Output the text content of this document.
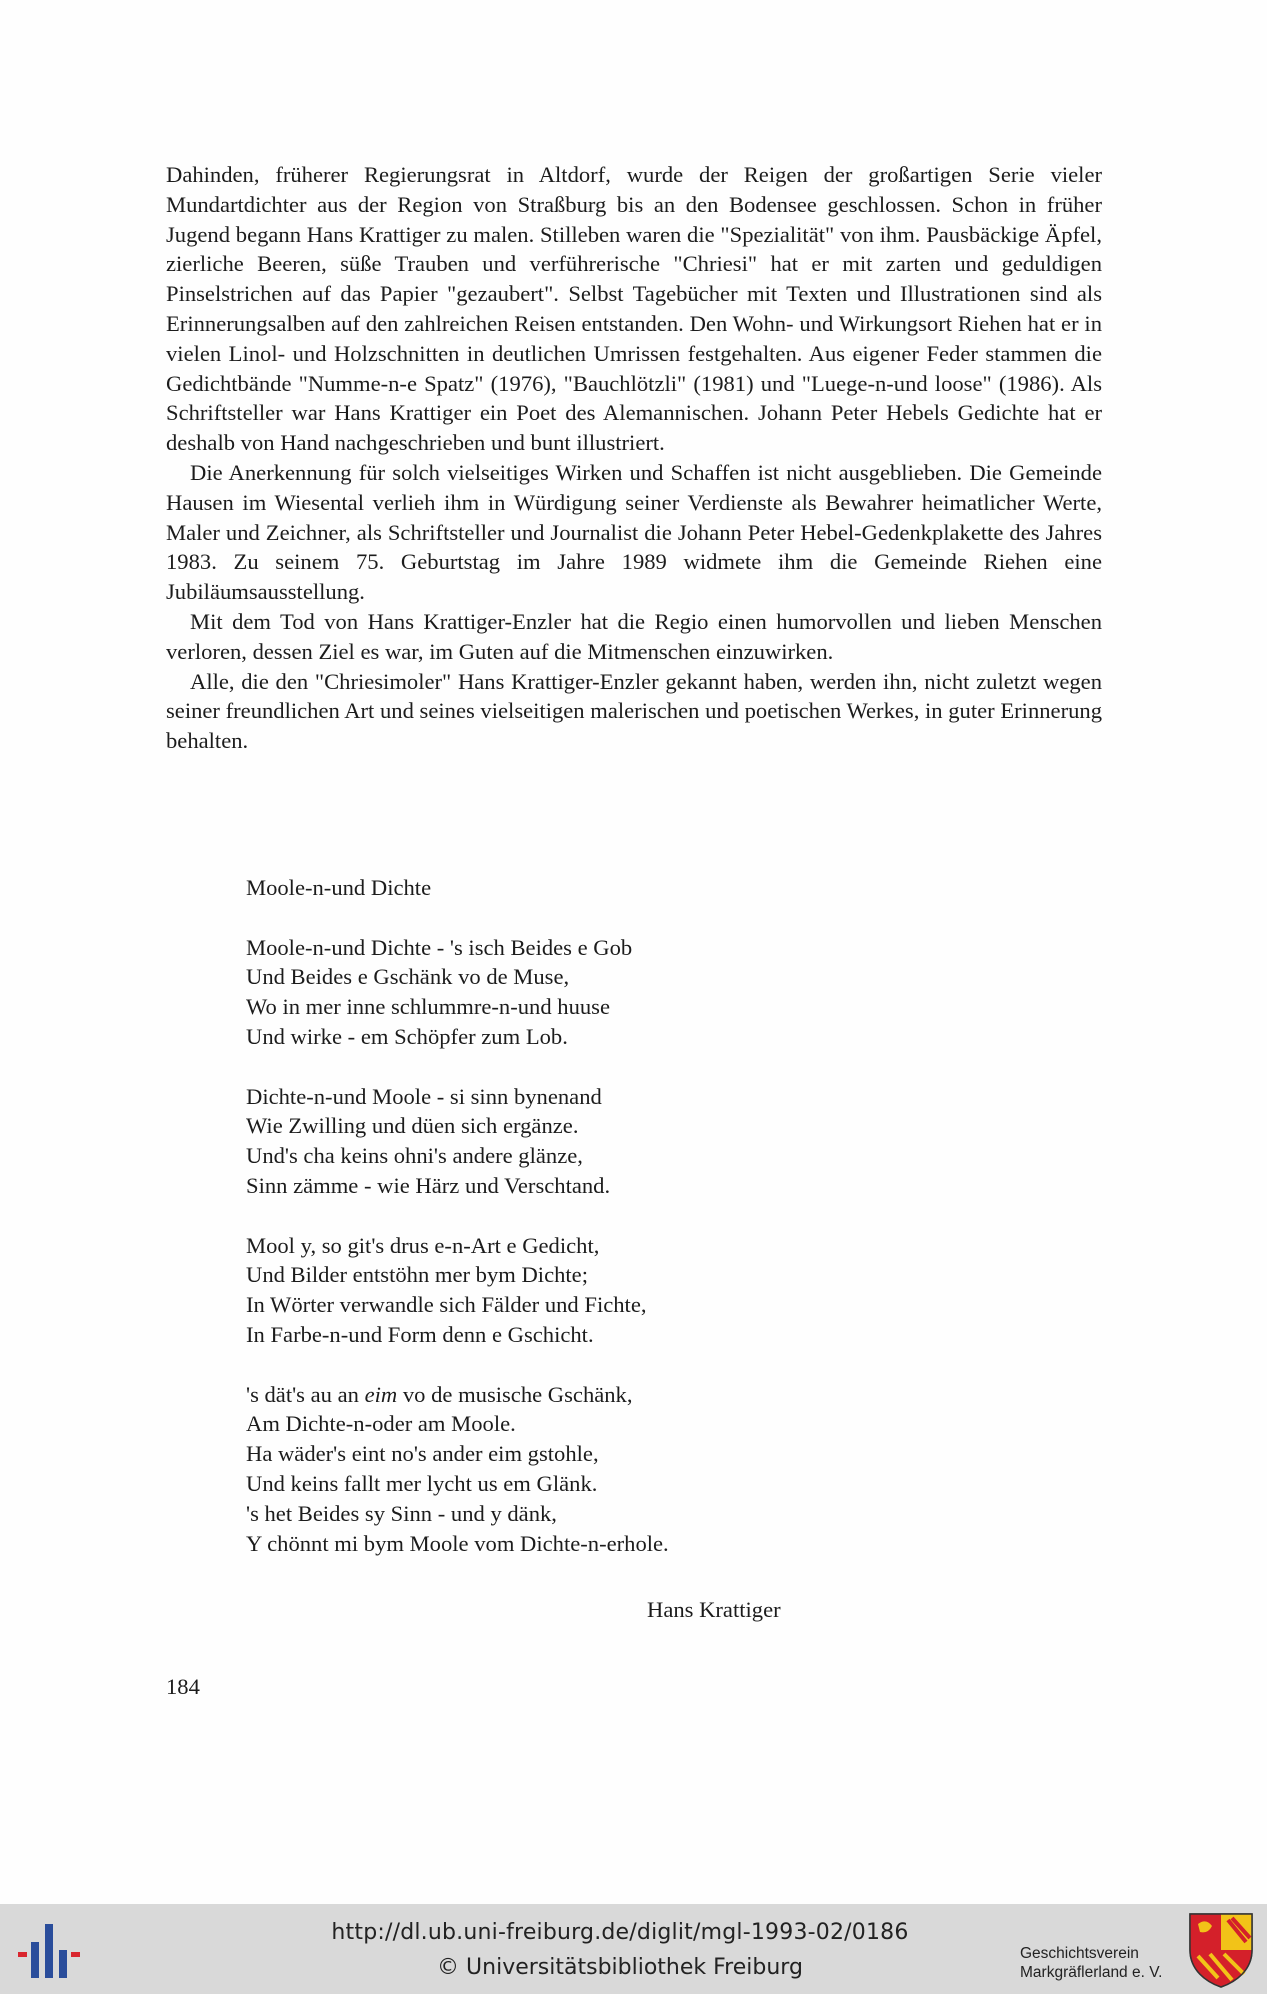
Dahinden, früherer Regierungsrat in Altdorf, wurde der Reigen der großartigen Serie vieler Mundartdichter aus der Region von Straßburg bis an den Bodensee geschlossen. Schon in früher Jugend begann Hans Krattiger zu malen. Stilleben waren die "Spezialität" von ihm. Pausbäckige Äpfel, zierliche Beeren, süße Trauben und verführerische "Chriesi" hat er mit zarten und geduldigen Pinselstrichen auf das Papier "gezaubert". Selbst Tagebücher mit Texten und Illustrationen sind als Erinnerungsalben auf den zahlreichen Reisen entstanden. Den Wohn- und Wirkungsort Riehen hat er in vielen Linol- und Holzschnitten in deutlichen Umrissen festgehalten. Aus eigener Feder stammen die Gedichtbände "Numme-n-e Spatz" (1976), "Bauchlötzli" (1981) und "Luege-n-und loose" (1986). Als Schriftsteller war Hans Krattiger ein Poet des Alemannischen. Johann Peter Hebels Gedichte hat er deshalb von Hand nachgeschrieben und bunt illustriert.

Die Anerkennung für solch vielseitiges Wirken und Schaffen ist nicht ausgeblieben. Die Gemeinde Hausen im Wiesental verlieh ihm in Würdigung seiner Verdienste als Bewahrer heimatlicher Werte, Maler und Zeichner, als Schriftsteller und Journalist die Johann Peter Hebel-Gedenkplakette des Jahres 1983. Zu seinem 75. Geburtstag im Jahre 1989 widmete ihm die Gemeinde Riehen eine Jubiläumsausstellung.

Mit dem Tod von Hans Krattiger-Enzler hat die Regio einen humorvollen und lieben Menschen verloren, dessen Ziel es war, im Guten auf die Mitmenschen einzuwirken.

Alle, die den "Chriesimoler" Hans Krattiger-Enzler gekannt haben, werden ihn, nicht zuletzt wegen seiner freundlichen Art und seines vielseitigen malerischen und poetischen Werkes, in guter Erinnerung behalten.

Moole-n-und Dichte
Moole-n-und Dichte - 's isch Beides e Gob
Und Beides e Gschänk vo de Muse,
Wo in mer inne schlummre-n-und huuse
Und wirke - em Schöpfer zum Lob.
Dichte-n-und Moole - si sinn bynenand
Wie Zwilling und düen sich ergänze.
Und's cha keins ohni's andere glänze,
Sinn zämme - wie Härz und Verschtand.
Mool y, so git's drus e-n-Art e Gedicht,
Und Bilder entstöhn mer bym Dichte;
In Wörter verwandle sich Fälder und Fichte,
In Farbe-n-und Form denn e Gschicht.
's dät's au an eim vo de musische Gschänk,
Am Dichte-n-oder am Moole.
Ha wäder's eint no's ander eim gstohle,
Und keins fallt mer lycht us em Glänk.
's het Beides sy Sinn - und y dänk,
Y chönnt mi bym Moole vom Dichte-n-erhole.
Hans Krattiger
184
http://dl.ub.uni-freiburg.de/diglit/mgl-1993-02/0186
© Universitätsbibliothek Freiburg
Geschichtsverein
Markgräflerland e. V.
